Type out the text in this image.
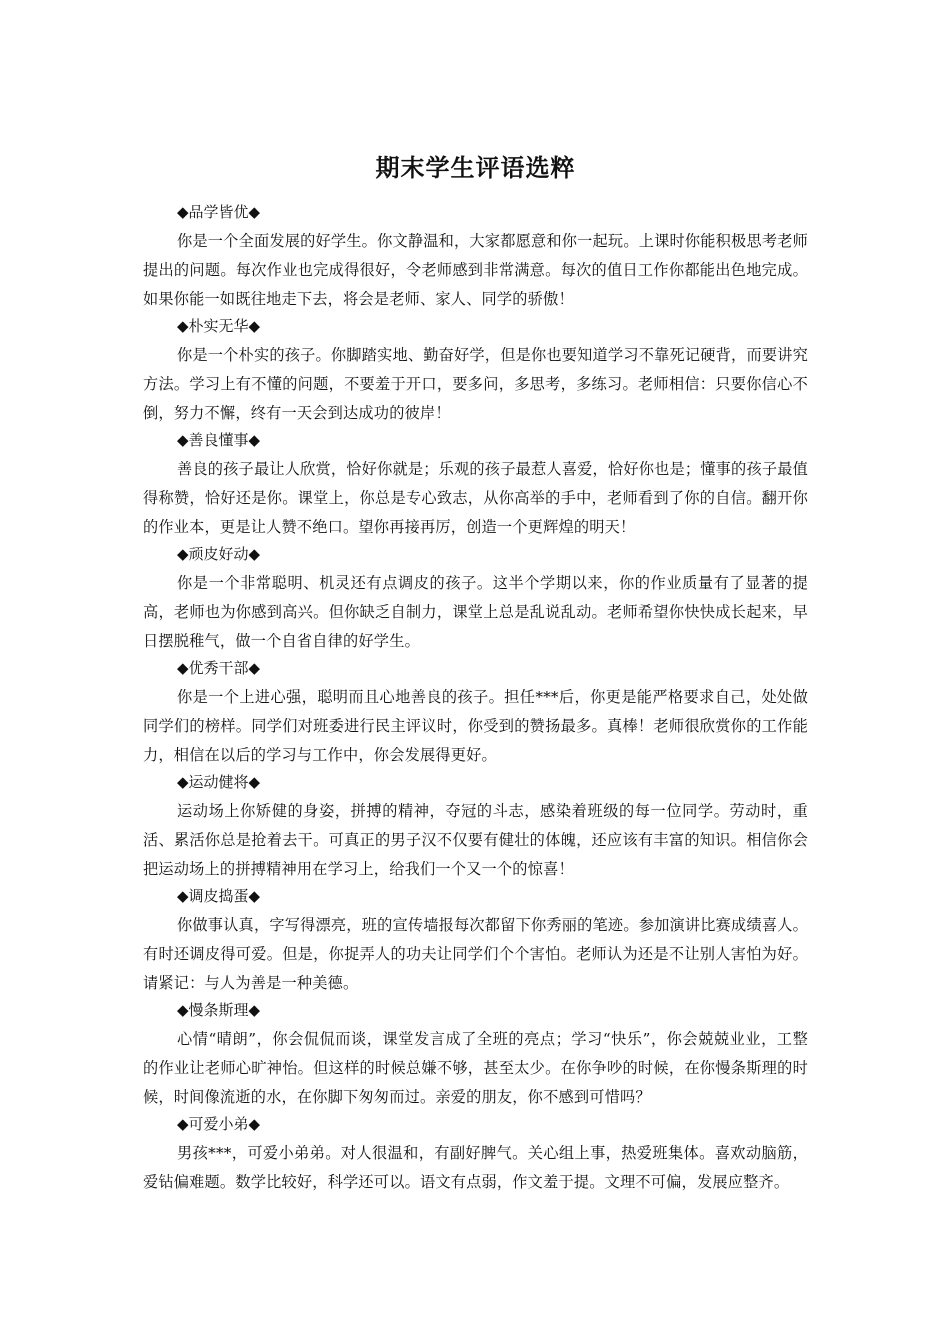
期末学生评语选粹

◆品学皆优◆

你是一个全面发展的好学生。你文静温和，大家都愿意和你一起玩。上课时你能积极思考老师提出的问题。每次作业也完成得很好，令老师感到非常满意。每次的值日工作你都能出色地完成。如果你能一如既往地走下去，将会是老师、家人、同学的骄傲！

◆朴实无华◆

你是一个朴实的孩子。你脚踏实地、勤奋好学，但是你也要知道学习不靠死记硬背，而要讲究方法。学习上有不懂的问题，不要羞于开口，要多问，多思考，多练习。老师相信：只要你信心不倒，努力不懈，终有一天会到达成功的彼岸！

◆善良懂事◆

善良的孩子最让人欣赏，恰好你就是；乐观的孩子最惹人喜爱，恰好你也是；懂事的孩子最值得称赞，恰好还是你。课堂上，你总是专心致志，从你高举的手中，老师看到了你的自信。翻开你的作业本，更是让人赞不绝口。望你再接再厉，创造一个更辉煌的明天！

◆顽皮好动◆

你是一个非常聪明、机灵还有点调皮的孩子。这半个学期以来，你的作业质量有了显著的提高，老师也为你感到高兴。但你缺乏自制力，课堂上总是乱说乱动。老师希望你快快成长起来，早日摆脱稚气，做一个自省自律的好学生。

◆优秀干部◆

你是一个上进心强，聪明而且心地善良的孩子。担任***后，你更是能严格要求自己，处处做同学们的榜样。同学们对班委进行民主评议时，你受到的赞扬最多。真棒！老师很欣赏你的工作能力，相信在以后的学习与工作中，你会发展得更好。

◆运动健将◆

运动场上你矫健的身姿，拼搏的精神，夺冠的斗志，感染着班级的每一位同学。劳动时，重活、累活你总是抢着去干。可真正的男子汉不仅要有健壮的体魄，还应该有丰富的知识。相信你会把运动场上的拼搏精神用在学习上，给我们一个又一个的惊喜！

◆调皮捣蛋◆

你做事认真，字写得漂亮，班的宣传墙报每次都留下你秀丽的笔迹。参加演讲比赛成绩喜人。有时还调皮得可爱。但是，你捉弄人的功夫让同学们个个害怕。老师认为还是不让别人害怕为好。请紧记：与人为善是一种美德。

◆慢条斯理◆

心情“晴朗”，你会侃侃而谈，课堂发言成了全班的亮点；学习“快乐”，你会兢兢业业，工整的作业让老师心旷神怡。但这样的时候总嫌不够，甚至太少。在你争吵的时候，在你慢条斯理的时候，时间像流逝的水，在你脚下匆匆而过。亲爱的朋友，你不感到可惜吗？

◆可爱小弟◆

男孩***，可爱小弟弟。对人很温和，有副好脾气。关心组上事，热爱班集体。喜欢动脑筋，爱钻偏难题。数学比较好，科学还可以。语文有点弱，作文羞于提。文理不可偏，发展应整齐。
